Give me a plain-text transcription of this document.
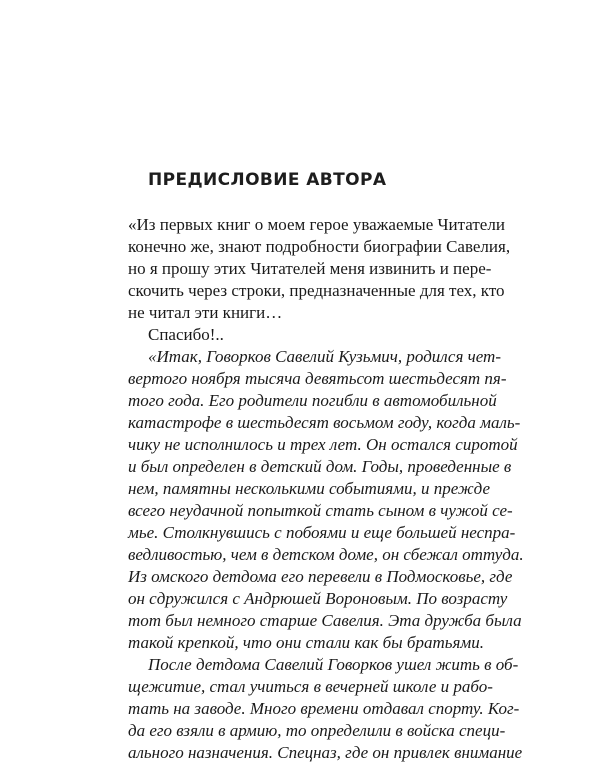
ПРЕДИСЛОВИЕ АВТОРА
«Из первых книг о моем герое уважаемые Читатели
конечно же, знают подробности биографии Савелия,
но я прошу этих Читателей меня извинить и пере-
скочить через строки, предназначенные для тех, кто
не читал эти книги…
Спасибо!..
«Итак, Говорков Савелий Кузьмич, родился чет-
вертого ноября тысяча девятьсот шестьдесят пя-
того года. Его родители погибли в автомобильной
катастрофе в шестьдесят восьмом году, когда маль-
чику не исполнилось и трех лет. Он остался сиротой
и был определен в детский дом. Годы, проведенные в
нем, памятны несколькими событиями, и прежде
всего неудачной попыткой стать сыном в чужой се-
мье. Столкнувшись с побоями и еще большей неспра-
ведливостью, чем в детском доме, он сбежал оттуда.
Из омского детдома его перевели в Подмосковье, где
он сдружился с Андрюшей Вороновым. По возрасту
тот был немного старше Савелия. Эта дружба была
такой крепкой, что они стали как бы братьями.
После детдома Савелий Говорков ушел жить в об-
щежитие, стал учиться в вечерней школе и рабо-
тать на заводе. Много времени отдавал спорту. Ког-
да его взяли в армию, то определили в войска специ-
ального назначения. Спецназ, где он привлек внимание
